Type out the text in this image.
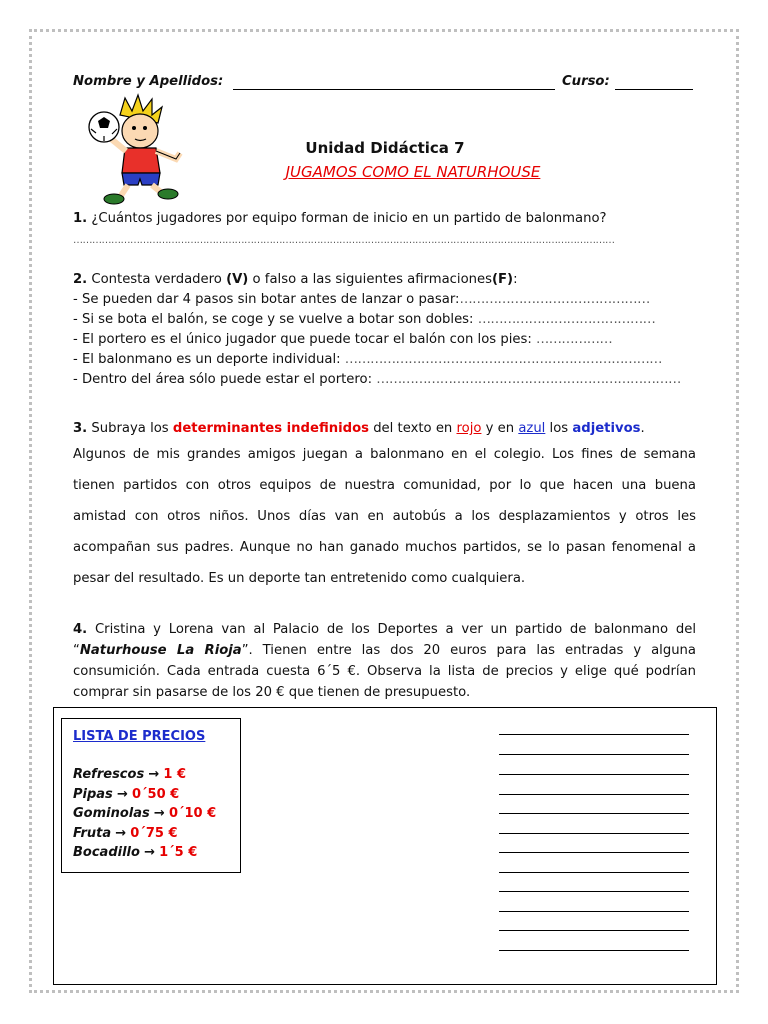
Nombre y Apellidos:	Curso:
Unidad Didáctica 7
JUGAMOS COMO EL NATURHOUSE
1. ¿Cuántos jugadores por equipo forman de inicio en un partido de balonmano?
………………………………………………………………………………………………………………………………………………………
2. Contesta verdadero (V) o falso a las siguientes afirmaciones(F):
- Se pueden dar 4 pasos sin botar antes de lanzar o pasar:………………………………………
- Si se bota el balón, se coge y se vuelve a botar son dobles: ……………………………………
- El portero es el único jugador que puede tocar el balón con los pies: ………………
- El balonmano es un deporte individual: …………………………………………………………………
- Dentro del área sólo puede estar el portero: ………………………………………………………………
3. Subraya los determinantes indefinidos del texto en rojo y en azul los adjetivos.
Algunos de mis grandes amigos juegan a balonmano en el colegio. Los fines de semana tienen partidos con otros equipos de nuestra comunidad, por lo que hacen una buena amistad con otros niños. Unos días van en autobús a los desplazamientos y otros les acompañan sus padres. Aunque no han ganado muchos partidos, se lo pasan fenomenal a pesar del resultado. Es un deporte tan entretenido como cualquiera.
4. Cristina y Lorena van al Palacio de los Deportes a ver un partido de balonmano del “Naturhouse La Rioja”. Tienen entre las dos 20 euros para las entradas y alguna consumición. Cada entrada cuesta 6´5 €. Observa la lista de precios y elige qué podrían comprar sin pasarse de los 20 € que tienen de presupuesto.
LISTA DE PRECIOS
Refrescos → 1 €
Pipas → 0´50 €
Gominolas → 0´10 €
Fruta → 0´75 €
Bocadillo → 1´5 €
